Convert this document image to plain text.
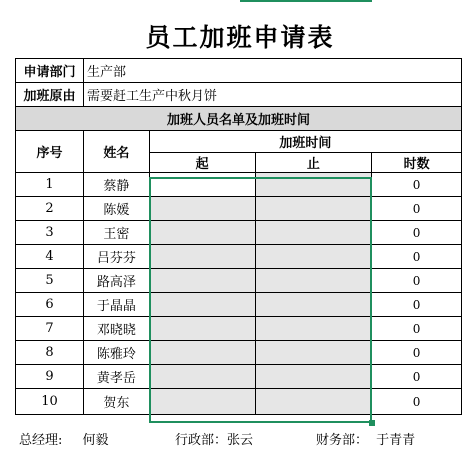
员工加班申请表
申请部门	生产部			
加班原由	需要赶工生产中秋月饼			
加班人员名单及加班时间				
序号	姓名	加班时间		
		起	止	时数
1	蔡静			0
2	陈媛			0
3	王密			0
4	吕芬芬			0
5	路高泽			0
6	于晶晶			0
7	邓晓晓			0
8	陈雅玲			0
9	黄孝岳			0
10	贺东			0
总经理: 何毅	行政部：张云	财务部： 于青青
